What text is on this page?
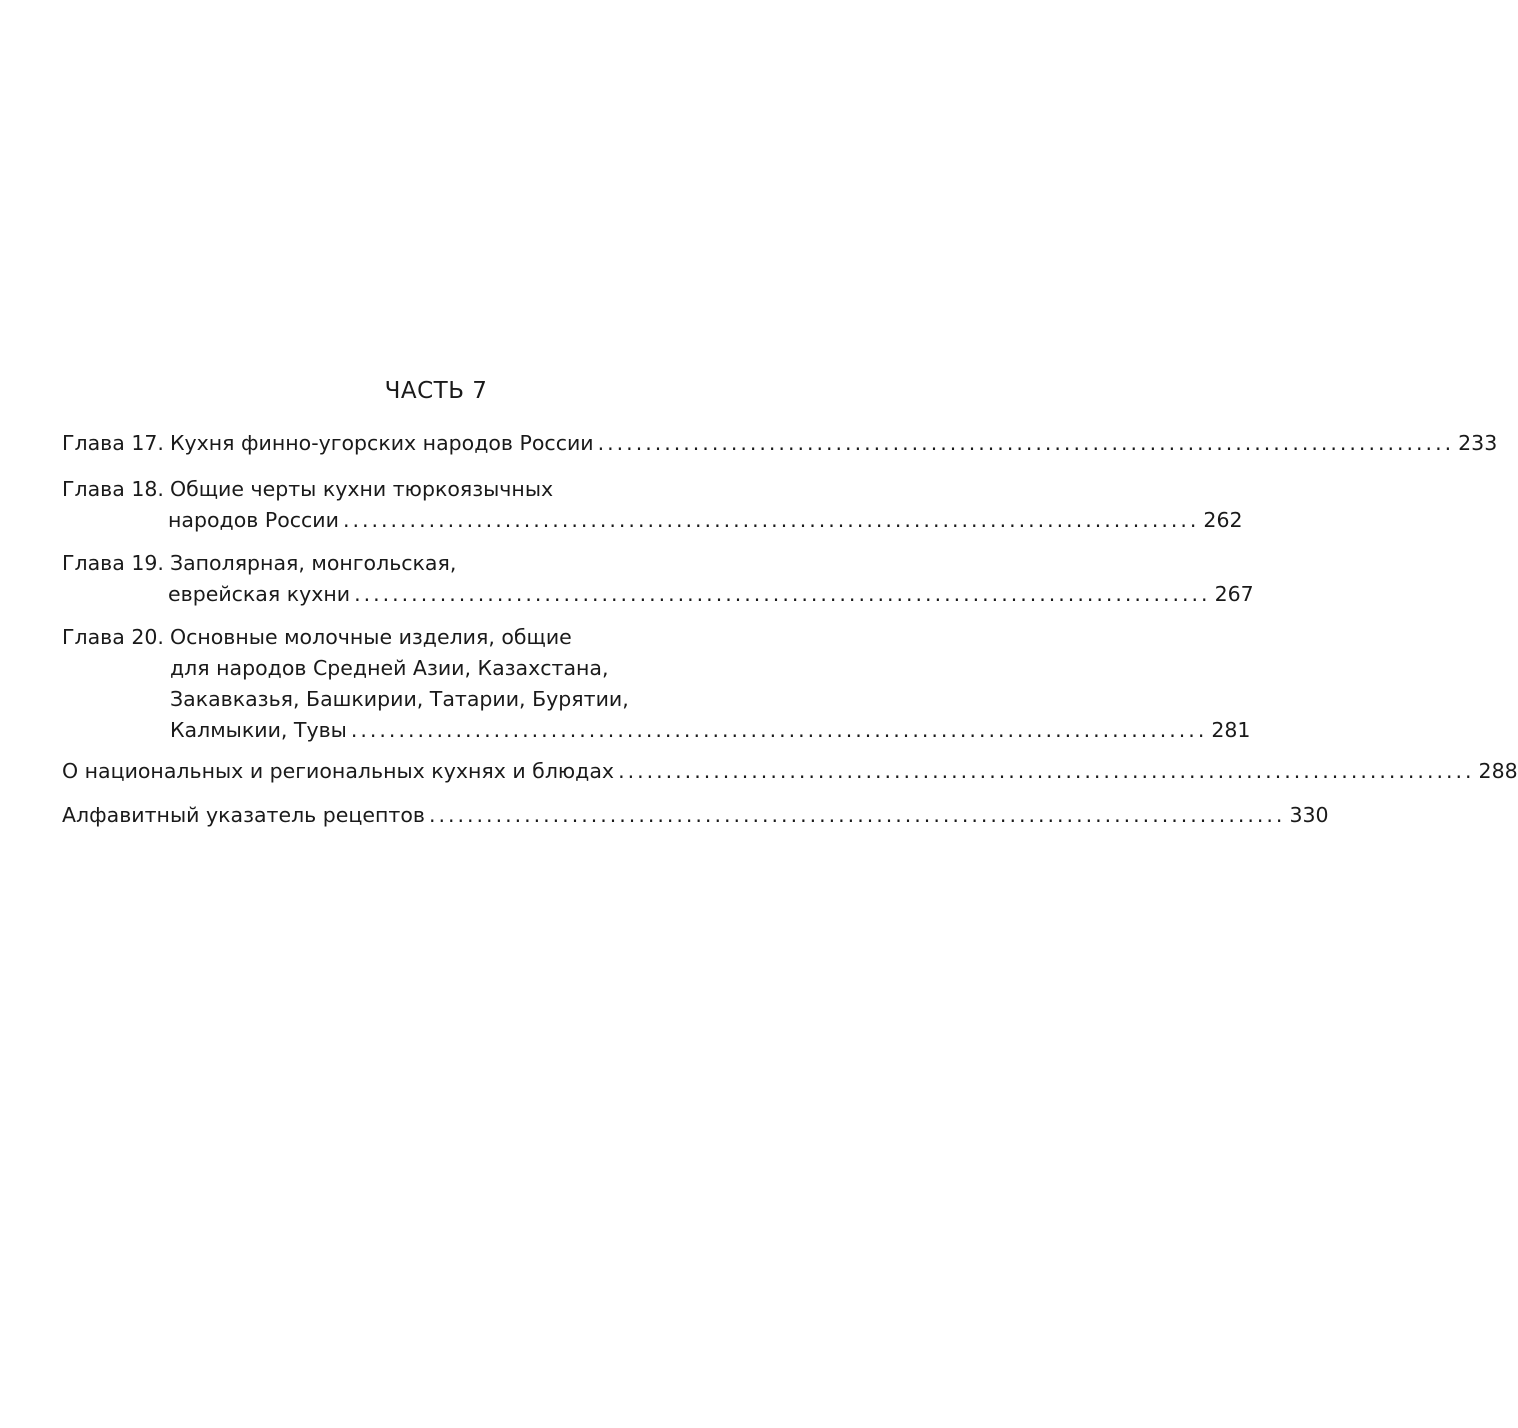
ЧАСТЬ 7
Глава 17. Кухня финно-угорских народов России .......................................................................................... 233
Глава 18. Общие черты кухни тюркоязычных
народов России .......................................................................................... 262
Глава 19. Заполярная, монгольская,
еврейская кухни .......................................................................................... 267
Глава 20. Основные молочные изделия, общие
для народов Средней Азии, Казахстана,
Закавказья, Башкирии, Татарии, Бурятии,
Калмыкии, Тувы .......................................................................................... 281
О национальных и региональных кухнях и блюдах .......................................................................................... 288
Алфавитный указатель рецептов .......................................................................................... 330
